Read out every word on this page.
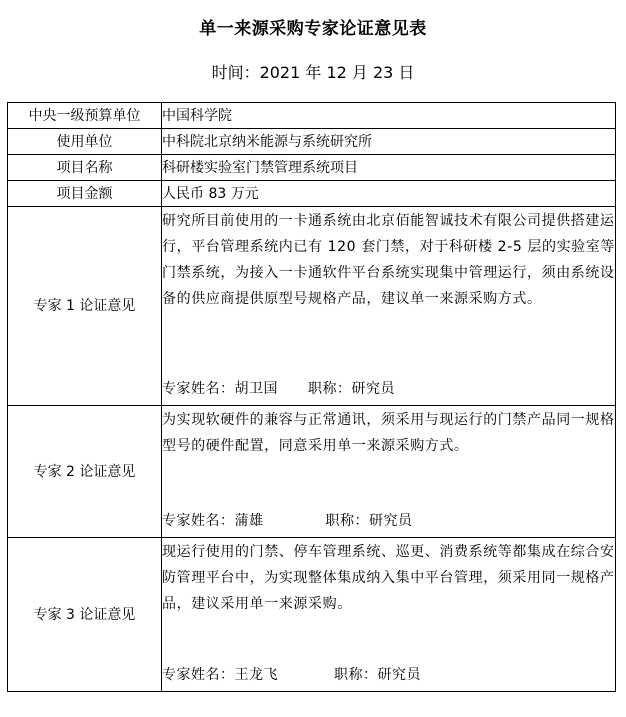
单一来源采购专家论证意见表
时间：2021 年 12 月 23 日
中央一级预算单位	中国科学院
使用单位	中科院北京纳米能源与系统研究所
项目名称	科研楼实验室门禁管理系统项目
项目金额	人民币 83 万元
专家 1 论证意见	研究所目前使用的一卡通系统由北京佰能智诚技术有限公司提供搭建运行，平台管理系统内已有 120 套门禁，对于科研楼 2-5 层的实验室等门禁系统，为接入一卡通软件平台系统实现集中管理运行，须由系统设备的供应商提供原型号规格产品，建议单一来源采购方式。
专家姓名：胡卫国 职称：研究员

专家 2 论证意见	为实现软硬件的兼容与正常通讯，须采用与现运行的门禁产品同一规格型号的硬件配置，同意采用单一来源采购方式。
专家姓名：蒲雄 职称：研究员

专家 3 论证意见	现运行使用的门禁、停车管理系统、巡更、消费系统等都集成在综合安防管理平台中，为实现整体集成纳入集中平台管理，须采用同一规格产品，建议采用单一来源采购。
专家姓名：王龙飞 职称：研究员
